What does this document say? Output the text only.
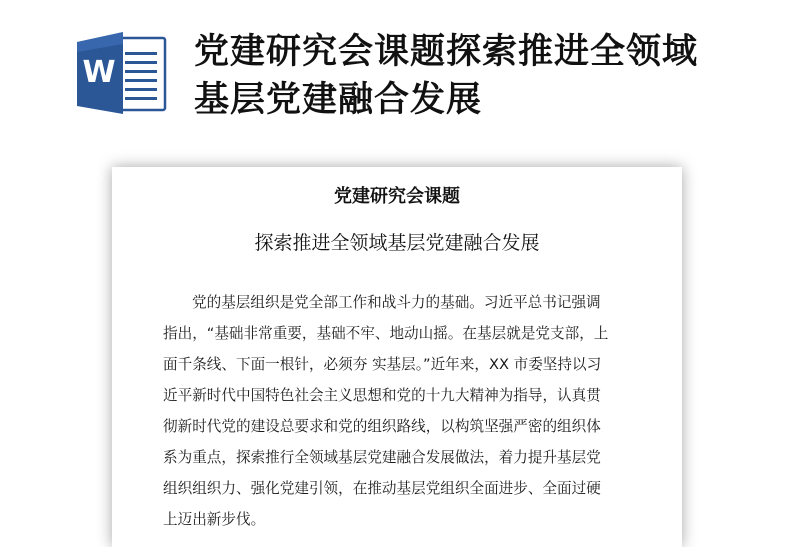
W
党建研究会课题探索推进全领域
基层党建融合发展
党建研究会课题
探索推进全领域基层党建融合发展
党的基层组织是党全部工作和战斗力的基础。习近平总书记强调
指出，“基础非常重要，基础不牢、地动山摇。在基层就是党支部，上
面千条线、下面一根针，必须夯 实基层。”近年来，XX 市委坚持以习
近平新时代中国特色社会主义思想和党的十九大精神为指导，认真贯
彻新时代党的建设总要求和党的组织路线，以构筑坚强严密的组织体
系为重点，探索推行全领域基层党建融合发展做法，着力提升基层党
组织组织力、强化党建引领，在推动基层党组织全面进步、全面过硬
上迈出新步伐。
